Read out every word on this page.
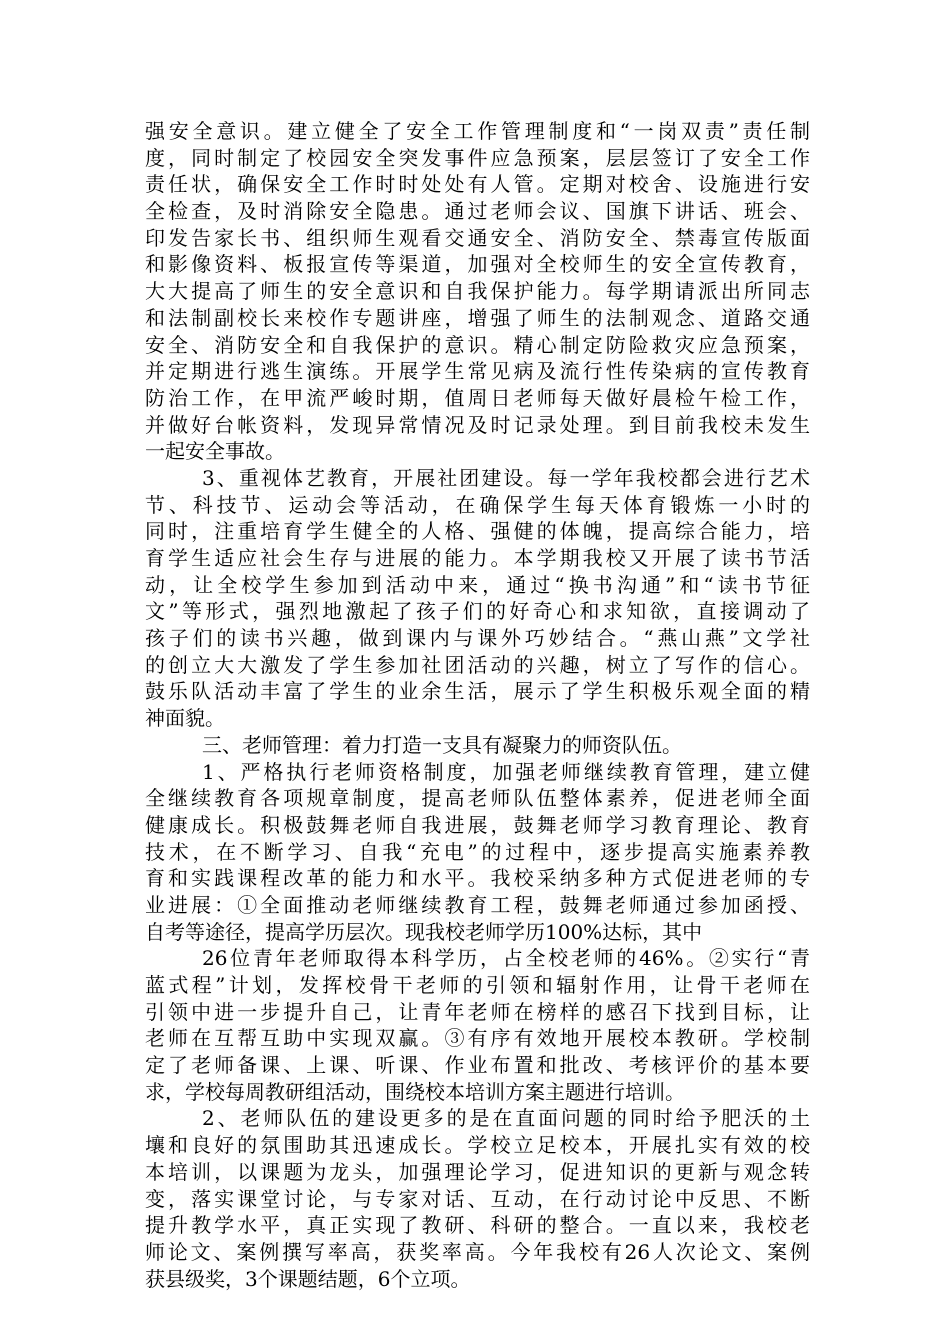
强安全意识。建立健全了安全工作管理制度和“一岗双责”责任制
度，同时制定了校园安全突发事件应急预案，层层签订了安全工作
责任状，确保安全工作时时处处有人管。定期对校舍、设施进行安
全检查，及时消除安全隐患。通过老师会议、国旗下讲话、班会、
印发告家长书、组织师生观看交通安全、消防安全、禁毒宣传版面
和影像资料、板报宣传等渠道，加强对全校师生的安全宣传教育，
大大提高了师生的安全意识和自我保护能力。每学期请派出所同志
和法制副校长来校作专题讲座，增强了师生的法制观念、道路交通
安全、消防安全和自我保护的意识。精心制定防险救灾应急预案，
并定期进行逃生演练。开展学生常见病及流行性传染病的宣传教育
防治工作，在甲流严峻时期，值周日老师每天做好晨检午检工作，
并做好台帐资料，发现异常情况及时记录处理。到目前我校未发生
一起安全事故。
3、重视体艺教育，开展社团建设。每一学年我校都会进行艺术
节、科技节、运动会等活动，在确保学生每天体育锻炼一小时的
同时，注重培育学生健全的人格、强健的体魄，提高综合能力，培
育学生适应社会生存与进展的能力。本学期我校又开展了读书节活
动，让全校学生参加到活动中来，通过“换书沟通”和“读书节征
文”等形式，强烈地激起了孩子们的好奇心和求知欲，直接调动了
孩子们的读书兴趣，做到课内与课外巧妙结合。“燕山燕”文学社
的创立大大激发了学生参加社团活动的兴趣，树立了写作的信心。
鼓乐队活动丰富了学生的业余生活，展示了学生积极乐观全面的精
神面貌。
三、老师管理：着力打造一支具有凝聚力的师资队伍。
1、严格执行老师资格制度，加强老师继续教育管理，建立健
全继续教育各项规章制度，提高老师队伍整体素养，促进老师全面
健康成长。积极鼓舞老师自我进展，鼓舞老师学习教育理论、教育
技术，在不断学习、自我“充电”的过程中，逐步提高实施素养教
育和实践课程改革的能力和水平。我校采纳多种方式促进老师的专
业进展：①全面推动老师继续教育工程，鼓舞老师通过参加函授、
自考等途径，提高学历层次。现我校老师学历100%达标，其中
26位青年老师取得本科学历，占全校老师的46%。②实行“青
蓝式程”计划，发挥校骨干老师的引领和辐射作用，让骨干老师在
引领中进一步提升自己，让青年老师在榜样的感召下找到目标，让
老师在互帮互助中实现双赢。③有序有效地开展校本教研。学校制
定了老师备课、上课、听课、作业布置和批改、考核评价的基本要
求，学校每周教研组活动，围绕校本培训方案主题进行培训。
2、老师队伍的建设更多的是在直面问题的同时给予肥沃的土
壤和良好的氛围助其迅速成长。学校立足校本，开展扎实有效的校
本培训，以课题为龙头，加强理论学习，促进知识的更新与观念转
变，落实课堂讨论，与专家对话、互动，在行动讨论中反思、不断
提升教学水平，真正实现了教研、科研的整合。一直以来，我校老
师论文、案例撰写率高，获奖率高。今年我校有26人次论文、案例
获县级奖，3个课题结题，6个立项。
